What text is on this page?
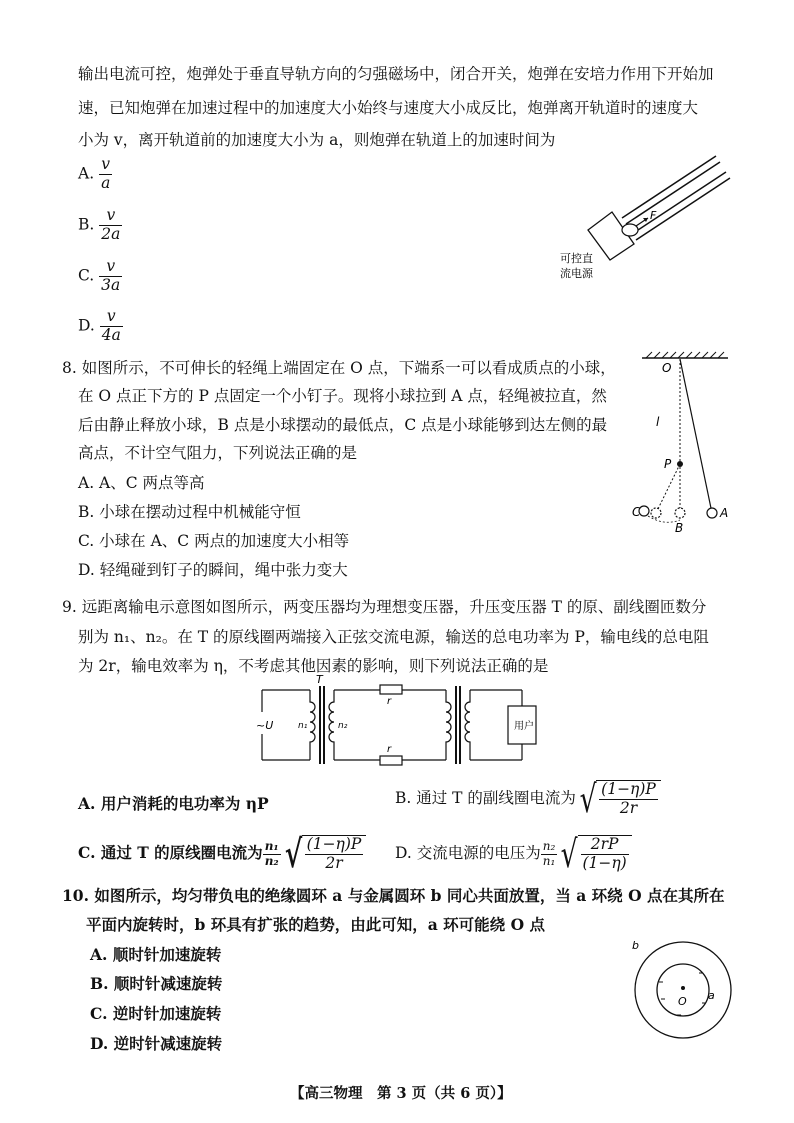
输出电流可控，炮弹处于垂直导轨方向的匀强磁场中，闭合开关，炮弹在安培力作用下开始加
速，已知炮弹在加速过程中的加速度大小始终与速度大小成反比，炮弹离开轨道时的速度大
小为 v，离开轨道前的加速度大小为 a，则炮弹在轨道上的加速时间为
A. $\frac{v}{a}$
B. $\frac{v}{2a}$
C. $\frac{v}{3a}$
D. $\frac{v}{4a}$
F
可控直
流电源
8. 如图所示，不可伸长的轻绳上端固定在 O 点，下端系一可以看成质点的小球，
在 O 点正下方的 P 点固定一个小钉子。现将小球拉到 A 点，轻绳被拉直，然
后由静止释放小球，B 点是小球摆动的最低点，C 点是小球能够到达左侧的最
高点，不计空气阻力，下列说法正确的是
A. A、C 两点等高
B. 小球在摆动过程中机械能守恒
C. 小球在 A、C 两点的加速度大小相等
D. 轻绳碰到钉子的瞬间，绳中张力变大
O
P
l
A
B
C
9. 远距离输电示意图如图所示，两变压器均为理想变压器，升压变压器 T 的原、副线圈匝数分
别为 n₁、n₂。在 T 的原线圈两端接入正弦交流电源，输送的总电功率为 P，输电线的总电阻
为 2r，输电效率为 η，不考虑其他因素的影响，则下列说法正确的是
~U	n₁
T
n₂
r
r
用户
A. 用户消耗的电功率为 ηP	B. 通过 T 的副线圈电流为√ $\frac{(1-\eta)P}{2r}$
C. 通过 T 的原线圈电流为 $\frac{\text{n₁}}{\text{n₂}}$ √ $\frac{(1-\eta)P}{2r} D$. 交流电源的电压为 $\frac{\text{n₂}}{\text{n₁}}$ √ $\frac{2rP}{(1-\eta)}$
10. 如图所示，均匀带负电的绝缘圆环 a 与金属圆环 b 同心共面放置，当 a 环绕 O 点在其所在
平面内旋转时，b 环具有扩张的趋势，由此可知，a 环可能绕 O 点
A. 顺时针加速旋转
B. 顺时针减速旋转
C. 逆时针加速旋转
D. 逆时针减速旋转
b
a
O
【高三物理　第 3 页（共 6 页）】
